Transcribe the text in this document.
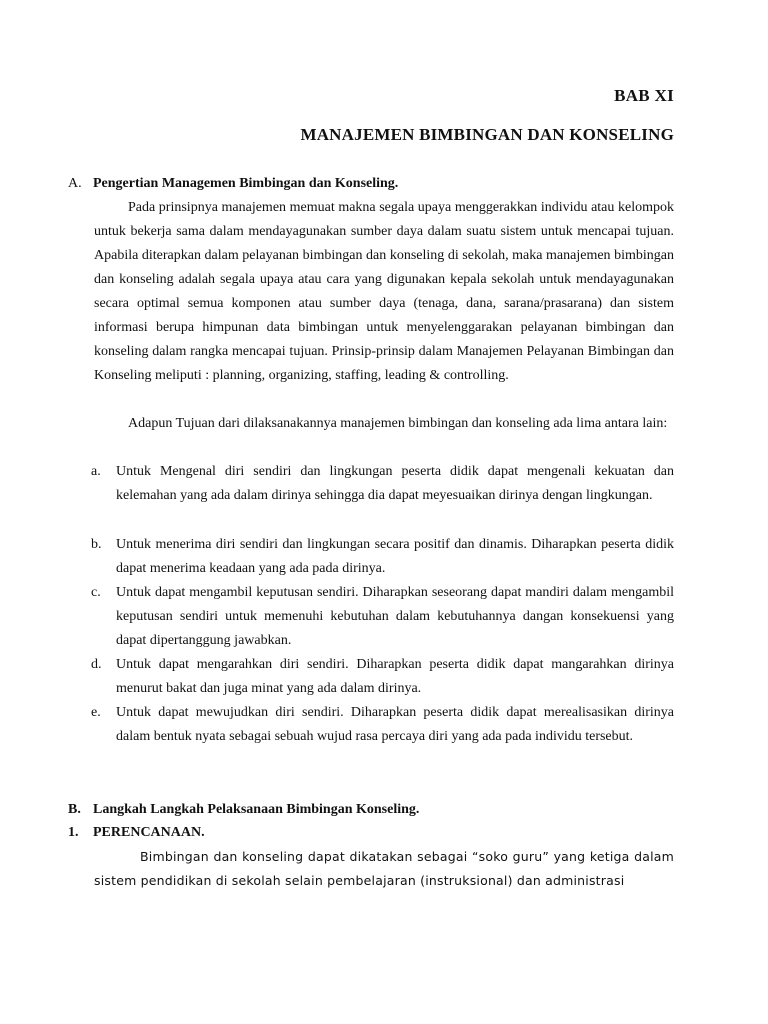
BAB XI
MANAJEMEN BIMBINGAN DAN KONSELING
A. Pengertian Managemen Bimbingan dan Konseling.
Pada prinsipnya manajemen memuat makna segala upaya menggerakkan individu atau kelompok untuk bekerja sama dalam mendayagunakan sumber daya dalam suatu sistem untuk mencapai tujuan. Apabila diterapkan dalam pelayanan bimbingan dan konseling di sekolah, maka manajemen bimbingan dan konseling adalah segala upaya atau cara yang digunakan kepala sekolah untuk mendayagunakan secara optimal semua komponen atau sumber daya (tenaga, dana, sarana/prasarana) dan sistem informasi berupa himpunan data bimbingan untuk menyelenggarakan pelayanan bimbingan dan konseling dalam rangka mencapai tujuan. Prinsip-prinsip dalam Manajemen Pelayanan Bimbingan dan Konseling meliputi : planning, organizing, staffing, leading & controlling.
Adapun Tujuan dari dilaksanakannya manajemen bimbingan dan konseling ada lima antara lain:
a.	Untuk Mengenal diri sendiri dan lingkungan peserta didik dapat mengenali kekuatan dan kelemahan yang ada dalam dirinya sehingga dia dapat meyesuaikan dirinya dengan lingkungan.
b.	Untuk menerima diri sendiri dan lingkungan secara positif dan dinamis. Diharapkan peserta didik dapat menerima keadaan yang ada pada dirinya.
c.	Untuk dapat mengambil keputusan sendiri. Diharapkan seseorang dapat mandiri dalam mengambil keputusan sendiri untuk memenuhi kebutuhan dalam kebutuhannya dangan konsekuensi yang dapat dipertanggung jawabkan.
d.	Untuk dapat mengarahkan diri sendiri. Diharapkan peserta didik dapat mangarahkan dirinya menurut bakat dan juga minat yang ada dalam dirinya.
e.	Untuk dapat mewujudkan diri sendiri. Diharapkan peserta didik dapat merealisasikan dirinya dalam bentuk nyata sebagai sebuah wujud rasa percaya diri yang ada pada individu tersebut.
B. Langkah Langkah Pelaksanaan Bimbingan Konseling.
1. PERENCANAAN.
Bimbingan dan konseling dapat dikatakan sebagai “soko guru” yang ketiga dalam sistem pendidikan di sekolah selain pembelajaran (instruksional) dan administrasi
